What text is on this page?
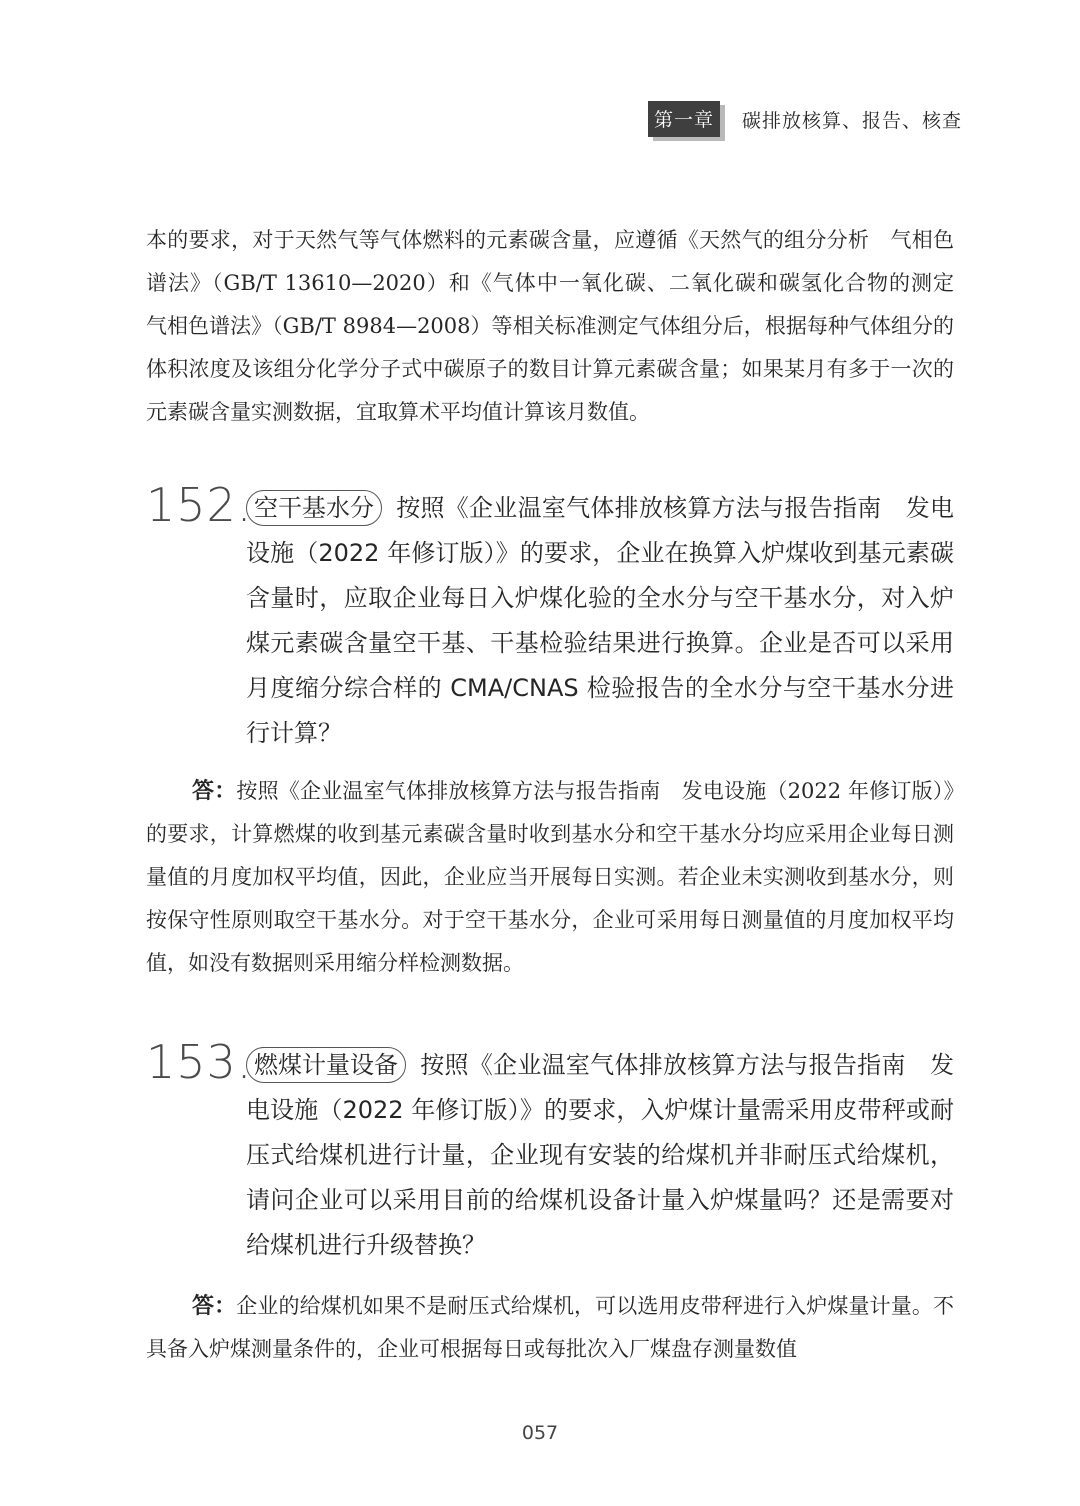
第一章	碳排放核算、报告、核查

本的要求，对于天然气等气体燃料的元素碳含量，应遵循《天然气的组分分析　气相色谱法》（GB/T 13610—2020）和《气体中一氧化碳、二氧化碳和碳氢化合物的测定　气相色谱法》（GB/T 8984—2008）等相关标准测定气体组分后，根据每种气体组分的体积浓度及该组分化学分子式中碳原子的数目计算元素碳含量；如果某月有多于一次的元素碳含量实测数据，宜取算术平均值计算该月数值。

152. 空干基水分 按照《企业温室气体排放核算方法与报告指南　发电设施（2022 年修订版）》的要求，企业在换算入炉煤收到基元素碳含量时，应取企业每日入炉煤化验的全水分与空干基水分，对入炉煤元素碳含量空干基、干基检验结果进行换算。企业是否可以采用月度缩分综合样的 CMA/CNAS 检验报告的全水分与空干基水分进行计算？

答：按照《企业温室气体排放核算方法与报告指南　发电设施（2022 年修订版）》的要求，计算燃煤的收到基元素碳含量时收到基水分和空干基水分均应采用企业每日测量值的月度加权平均值，因此，企业应当开展每日实测。若企业未实测收到基水分，则按保守性原则取空干基水分。对于空干基水分，企业可采用每日测量值的月度加权平均值，如没有数据则采用缩分样检测数据。

153. 燃煤计量设备 按照《企业温室气体排放核算方法与报告指南　发电设施（2022 年修订版）》的要求，入炉煤计量需采用皮带秤或耐压式给煤机进行计量，企业现有安装的给煤机并非耐压式给煤机，请问企业可以采用目前的给煤机设备计量入炉煤量吗？还是需要对给煤机进行升级替换？

答：企业的给煤机如果不是耐压式给煤机，可以选用皮带秤进行入炉煤量计量。不具备入炉煤测量条件的，企业可根据每日或每批次入厂煤盘存测量数值

057
